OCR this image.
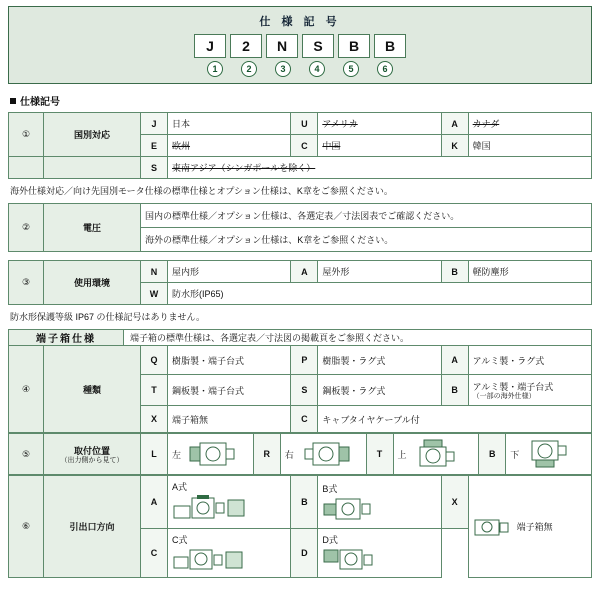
仕 様 記 号
J	2	N	S	B	B
1	2	3	4	5	6
仕様記号
①	国別対応	J	日本	U	アメリカ	A	カナダ
		E	欧州	C	中国	K	韓国
		S	東南アジア（シンガポールを除く）				
海外仕様対応／向け先国別モータ仕様の標準仕様とオプション仕様は、K章をご参照ください。
②	電圧	国内の標準仕様／オプション仕様は、各選定表／寸法図表でご確認ください。
海外の標準仕様／オプション仕様は、K章をご参照ください。
③	使用環境	N	屋内形	A	屋外形	B	軽防塵形
		W	防水形(IP65)				
防水形保護等級 IP67 の仕様記号はありません。
端子箱仕様	端子箱の標準仕様は、各選定表／寸法図の掲載頁をご参照ください。
④	種類	Q	樹脂製・端子台式	P	樹脂製・ラグ式	A	アルミ製・ラグ式
		T	鋼板製・端子台式	S	鋼板製・ラグ式	B	アルミ製・端子台式
（一部の海外仕様）

		X	端子箱無	C	キャブタイヤケーブル付		
⑤	取付位置
（出力側から見て）
	L	左	R	右	T	上	B	下
⑥	引出口方向	A	A式	B	B式	X	端子箱無

		C	C式	D	D式		
